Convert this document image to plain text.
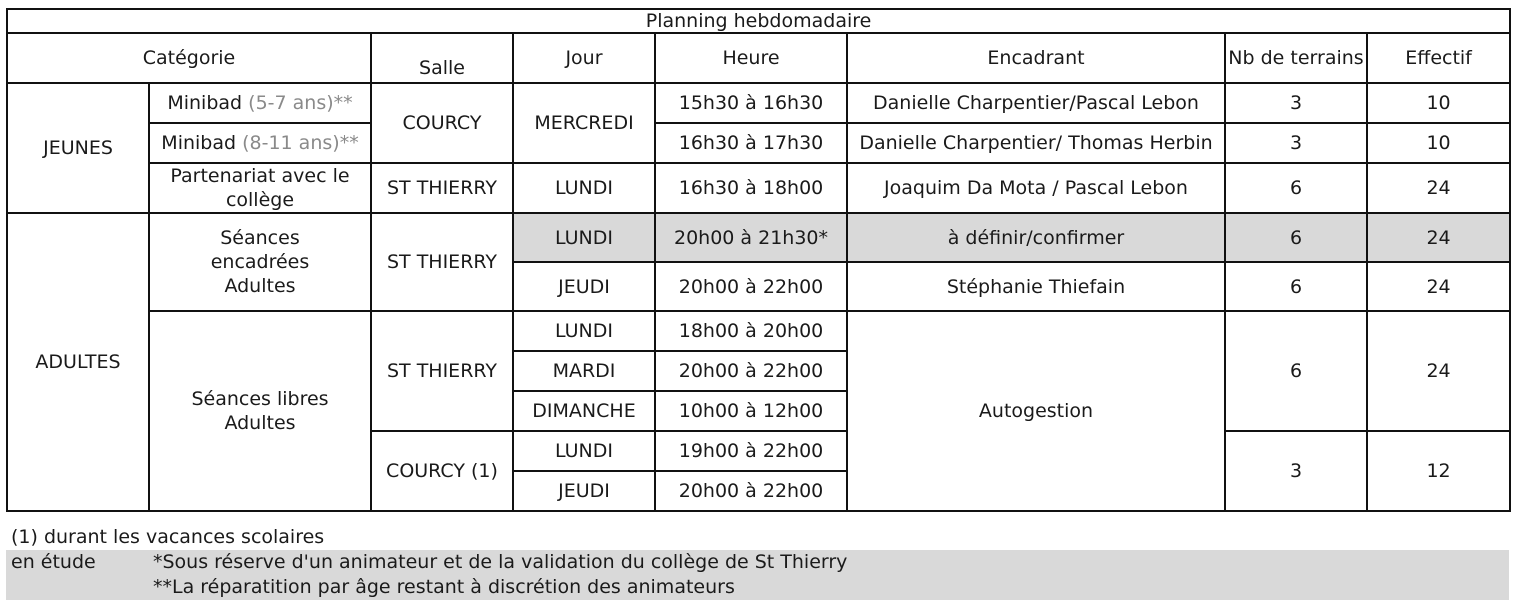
Planning hebdomadaire							
Catégorie		Salle	Jour	Heure	Encadrant	Nb de terrains	Effectif
JEUNES	Minibad (5-7 ans)**	COURCY	MERCREDI	15h30 à 16h30	Danielle Charpentier/Pascal Lebon	3	10
	Minibad (8-11 ans)**			16h30 à 17h30	Danielle Charpentier/ Thomas Herbin	3	10
	Partenariat avec le collège	ST THIERRY	LUNDI	16h30 à 18h00	Joaquim Da Mota / Pascal Lebon	6	24
ADULTES	Séances encadrées Adultes	ST THIERRY	LUNDI	20h00 à 21h30*	à définir/confirmer	6	24
			JEUDI	20h00 à 22h00	Stéphanie Thiefain	6	24
	Séances libres Adultes	ST THIERRY	LUNDI	18h00 à 20h00	Autogestion	6	24
			MARDI	20h00 à 22h00			
			DIMANCHE	10h00 à 12h00			
		COURCY (1)	LUNDI	19h00 à 22h00		3	12
			JEUDI	20h00 à 22h00			
(1) durant les vacances scolaires
en étude	*Sous réserve d'un animateur et de la validation du collège de St Thierry
**La réparatition par âge restant à discrétion des animateurs
